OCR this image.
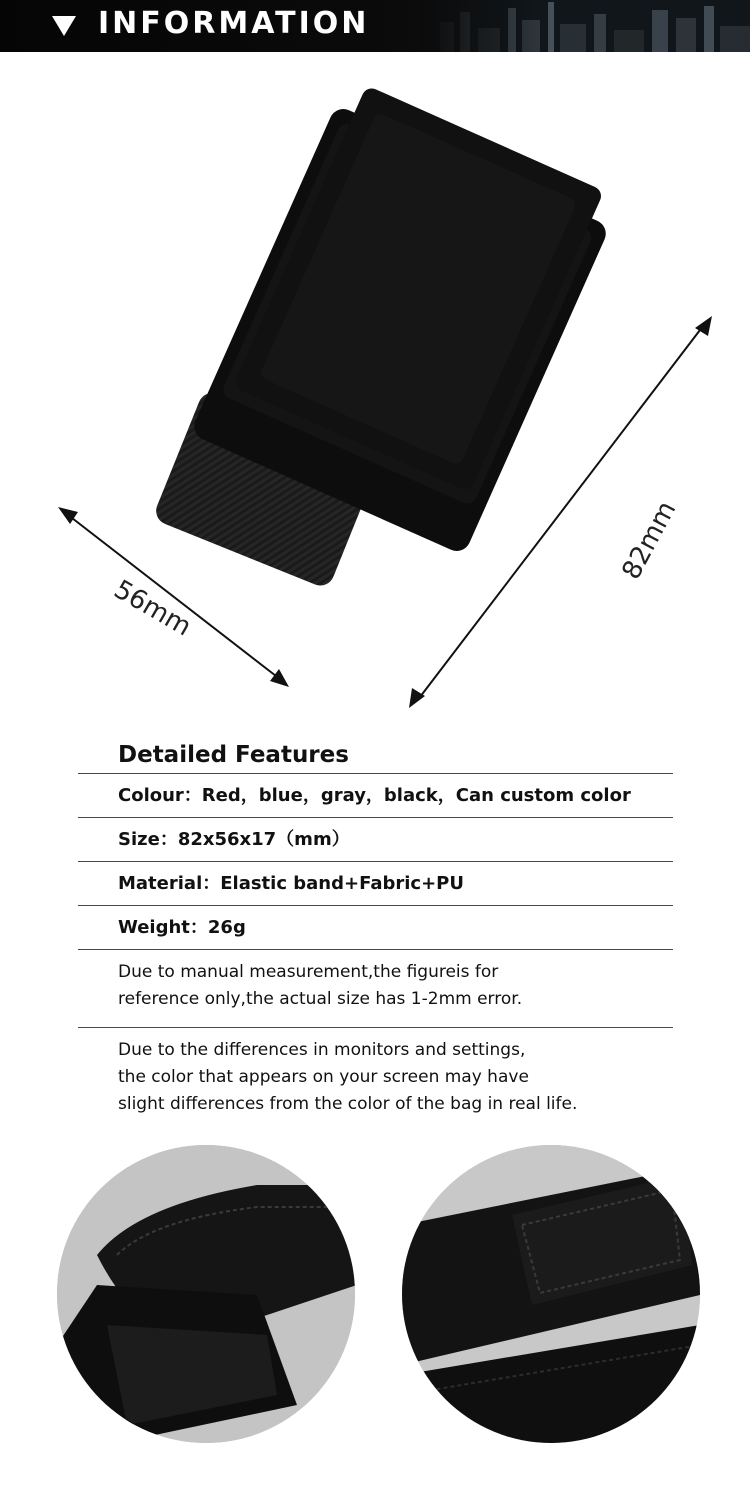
INFORMATION
56mm
82mm
Detailed Features
Colour：Red，blue，gray，black，Can custom color
Size：82x56x17（mm）
Material：Elastic band+Fabric+PU
Weight：26g
Due to manual measurement,the figureis for
reference only,the actual size has 1-2mm error.
Due to the differences in monitors and settings,
the color that appears on your screen may have
slight differences from the color of the bag in real life.
